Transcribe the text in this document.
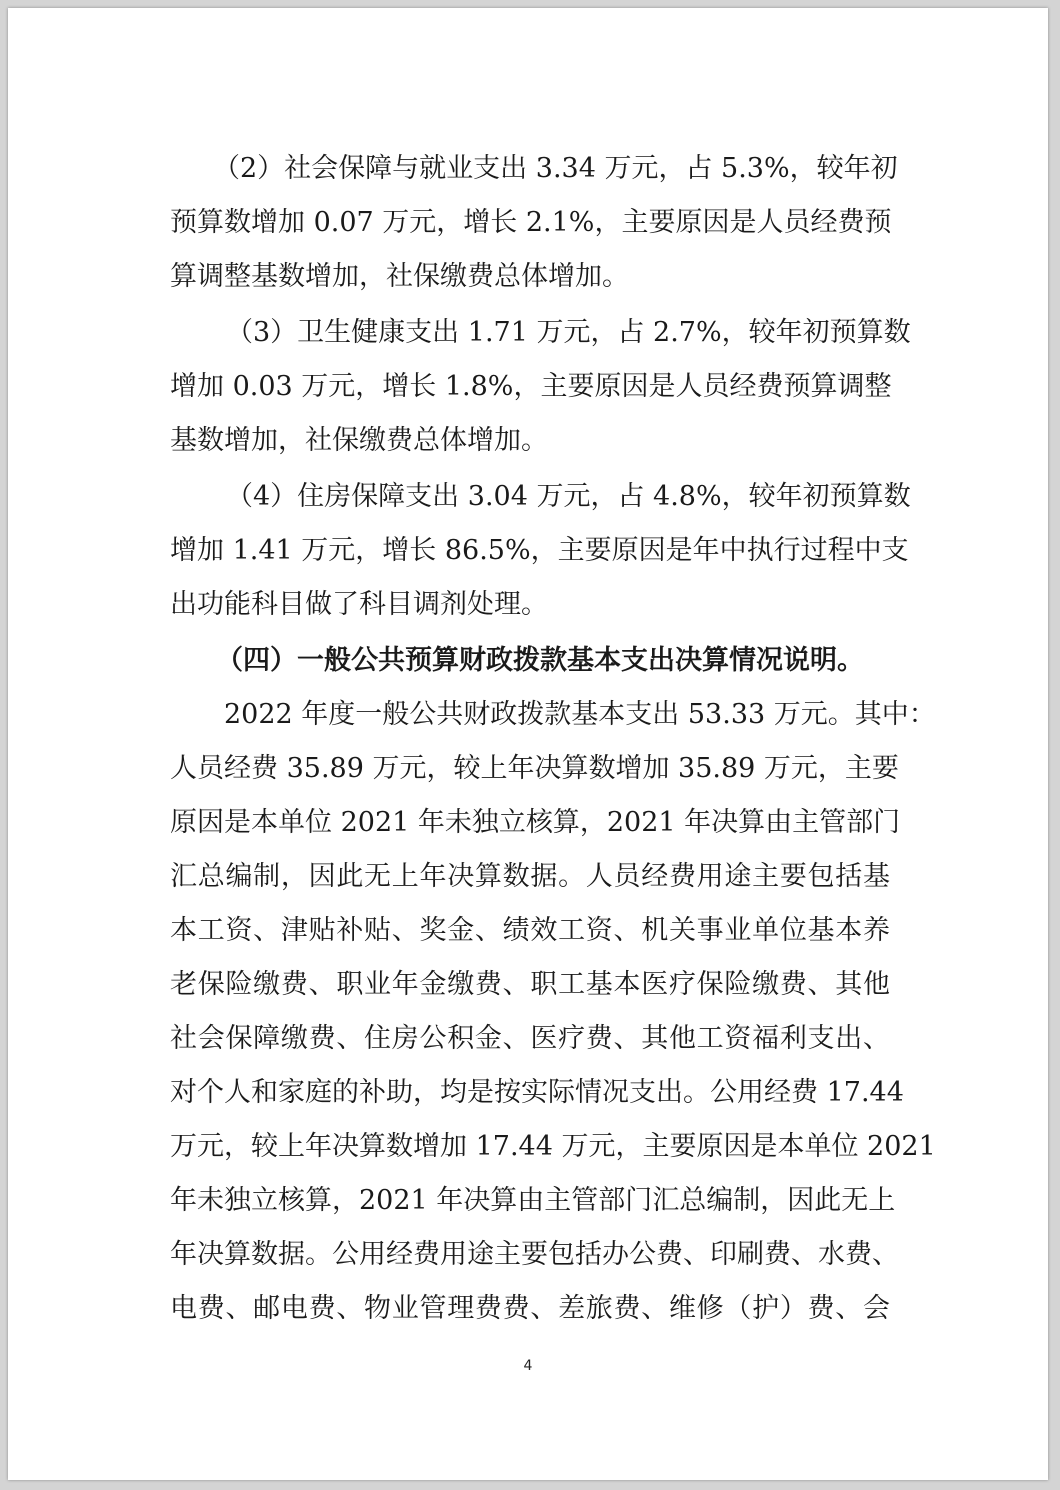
（2）社会保障与就业支出 3.34 万元，占 5.3%，较年初
预算数增加 0.07 万元，增长 2.1%，主要原因是人员经费预
算调整基数增加，社保缴费总体增加。
（3）卫生健康支出 1.71 万元，占 2.7%，较年初预算数
增加 0.03 万元，增长 1.8%，主要原因是人员经费预算调整
基数增加，社保缴费总体增加。
（4）住房保障支出 3.04 万元，占 4.8%，较年初预算数
增加 1.41 万元，增长 86.5%，主要原因是年中执行过程中支
出功能科目做了科目调剂处理。
（四）一般公共预算财政拨款基本支出决算情况说明。
2022 年度一般公共财政拨款基本支出 53.33 万元。其中：
人员经费 35.89 万元，较上年决算数增加 35.89 万元，主要
原因是本单位 2021 年未独立核算，2021 年决算由主管部门
汇总编制，因此无上年决算数据。人员经费用途主要包括基
本工资、津贴补贴、奖金、绩效工资、机关事业单位基本养
老保险缴费、职业年金缴费、职工基本医疗保险缴费、其他
社会保障缴费、住房公积金、医疗费、其他工资福利支出、
对个人和家庭的补助，均是按实际情况支出。公用经费 17.44
万元，较上年决算数增加 17.44 万元，主要原因是本单位 2021
年未独立核算，2021 年决算由主管部门汇总编制，因此无上
年决算数据。公用经费用途主要包括办公费、印刷费、水费、
电费、邮电费、物业管理费费、差旅费、维修（护）费、会
4
